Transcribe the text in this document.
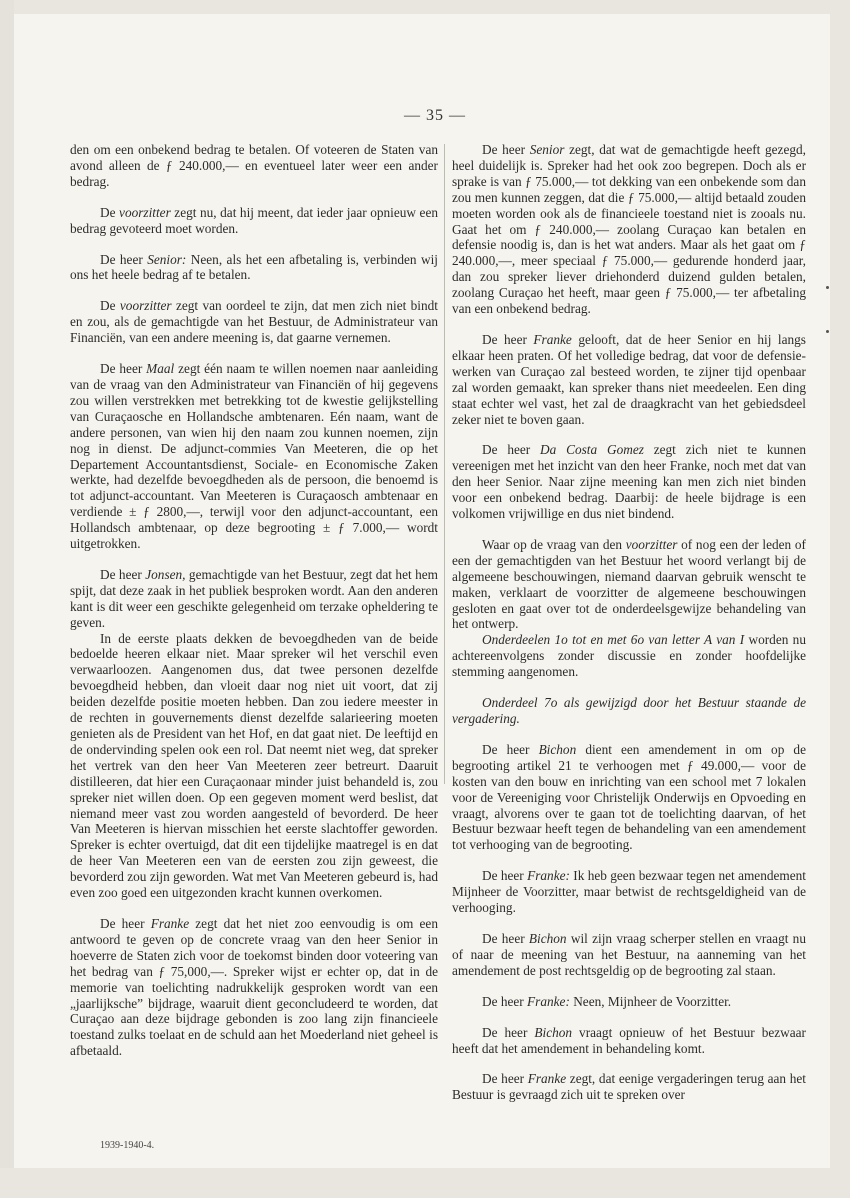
— 35 —

den om een onbekend bedrag te betalen. Of voteeren de Staten van avond alleen de ƒ 240.000,— en eventueel later weer een ander bedrag.

De voorzitter zegt nu, dat hij meent, dat ieder jaar opnieuw een bedrag gevoteerd moet worden.

De heer Senior: Neen, als het een afbetaling is, verbinden wij ons het heele bedrag af te betalen.

De voorzitter zegt van oordeel te zijn, dat men zich niet bindt en zou, als de gemachtigde van het Bestuur, de Administrateur van Financiën, van een andere meening is, dat gaarne vernemen.

De heer Maal zegt één naam te willen noemen naar aanleiding van de vraag van den Administrateur van Financiën of hij gegevens zou willen verstrekken met betrekking tot de kwestie gelijkstelling van Curaçaosche en Hollandsche ambtenaren. Eén naam, want de andere personen, van wien hij den naam zou kunnen noemen, zijn nog in dienst. De adjunct-commies Van Meeteren, die op het Departement Accountantsdienst, Sociale- en Economische Zaken werkte, had dezelfde bevoegdheden als de persoon, die benoemd is tot adjunct-accountant. Van Meeteren is Curaçaosch ambtenaar en verdiende ± ƒ 2800,—, terwijl voor den adjunct-accountant, een Hollandsch ambtenaar, op deze begrooting ± ƒ 7.000,— wordt uitgetrokken.

De heer Jonsen, gemachtigde van het Bestuur, zegt dat het hem spijt, dat deze zaak in het publiek besproken wordt. Aan den anderen kant is dit weer een geschikte gelegenheid om terzake opheldering te geven.

In de eerste plaats dekken de bevoegdheden van de beide bedoelde heeren elkaar niet. Maar spreker wil het verschil even verwaarloozen. Aangenomen dus, dat twee personen dezelfde bevoegdheid hebben, dan vloeit daar nog niet uit voort, dat zij beiden dezelfde positie moeten hebben. Dan zou iedere meester in de rechten in gouvernements dienst dezelfde salarieering moeten genieten als de President van het Hof, en dat gaat niet. De leeftijd en de ondervinding spelen ook een rol. Dat neemt niet weg, dat spreker het vertrek van den heer Van Meeteren zeer betreurt. Daaruit distilleeren, dat hier een Curaçaonaar minder juist behandeld is, zou spreker niet willen doen. Op een gegeven moment werd beslist, dat niemand meer vast zou worden aangesteld of bevorderd. De heer Van Meeteren is hiervan misschien het eerste slachtoffer geworden. Spreker is echter overtuigd, dat dit een tijdelijke maatregel is en dat de heer Van Meeteren een van de eersten zou zijn geweest, die bevorderd zou zijn geworden. Wat met Van Meeteren gebeurd is, had even zoo goed een uitgezonden kracht kunnen overkomen.

De heer Franke zegt dat het niet zoo eenvoudig is om een antwoord te geven op de concrete vraag van den heer Senior in hoeverre de Staten zich voor de toekomst binden door voteering van het bedrag van ƒ 75,000,—. Spreker wijst er echter op, dat in de memorie van toelichting nadrukkelijk gesproken wordt van een „jaarlijksche” bijdrage, waaruit dient geconcludeerd te worden, dat Curaçao aan deze bijdrage gebonden is zoo lang zijn financieele toestand zulks toelaat en de schuld aan het Moederland niet geheel is afbetaald.

De heer Senior zegt, dat wat de gemachtigde heeft gezegd, heel duidelijk is. Spreker had het ook zoo begrepen. Doch als er sprake is van ƒ 75.000,— tot dekking van een onbekende som dan zou men kunnen zeggen, dat die ƒ 75.000,— altijd betaald zouden moeten worden ook als de financieele toestand niet is zooals nu. Gaat het om ƒ 240.000,— zoolang Curaçao kan betalen en defensie noodig is, dan is het wat anders. Maar als het gaat om ƒ 240.000,—, meer speciaal ƒ 75.000,— gedurende honderd jaar, dan zou spreker liever driehonderd duizend gulden betalen, zoolang Curaçao het heeft, maar geen ƒ 75.000,— ter afbetaling van een onbekend bedrag.

De heer Franke gelooft, dat de heer Senior en hij langs elkaar heen praten. Of het volledige bedrag, dat voor de defensie-werken van Curaçao zal besteed worden, te zijner tijd openbaar zal worden gemaakt, kan spreker thans niet meedeelen. Een ding staat echter wel vast, het zal de draagkracht van het gebiedsdeel zeker niet te boven gaan.

De heer Da Costa Gomez zegt zich niet te kunnen vereenigen met het inzicht van den heer Franke, noch met dat van den heer Senior. Naar zijne meening kan men zich niet binden voor een onbekend bedrag. Daarbij: de heele bijdrage is een volkomen vrijwillige en dus niet bindend.

Waar op de vraag van den voorzitter of nog een der leden of een der gemachtigden van het Bestuur het woord verlangt bij de algemeene beschouwingen, niemand daarvan gebruik wenscht te maken, verklaart de voorzitter de algemeene beschouwingen gesloten en gaat over tot de onderdeelsgewijze behandeling van het ontwerp.

Onderdeelen 1o tot en met 6o van letter A van I worden nu achtereenvolgens zonder discussie en zonder hoofdelijke stemming aangenomen.

Onderdeel 7o als gewijzigd door het Bestuur staande de vergadering.

De heer Bichon dient een amendement in om op de begrooting artikel 21 te verhoogen met ƒ 49.000,— voor de kosten van den bouw en inrichting van een school met 7 lokalen voor de Vereeniging voor Christelijk Onderwijs en Opvoeding en vraagt, alvorens over te gaan tot de toelichting daarvan, of het Bestuur bezwaar heeft tegen de behandeling van een amendement tot verhooging van de begrooting.

De heer Franke: Ik heb geen bezwaar tegen net amendement Mijnheer de Voorzitter, maar betwist de rechtsgeldigheid van de verhooging.

De heer Bichon wil zijn vraag scherper stellen en vraagt nu of naar de meening van het Bestuur, na aanneming van het amendement de post rechtsgeldig op de begrooting zal staan.

De heer Franke: Neen, Mijnheer de Voorzitter.

De heer Bichon vraagt opnieuw of het Bestuur bezwaar heeft dat het amendement in behandeling komt.

De heer Franke zegt, dat eenige vergaderingen terug aan het Bestuur is gevraagd zich uit te spreken over

1939-1940-4.
